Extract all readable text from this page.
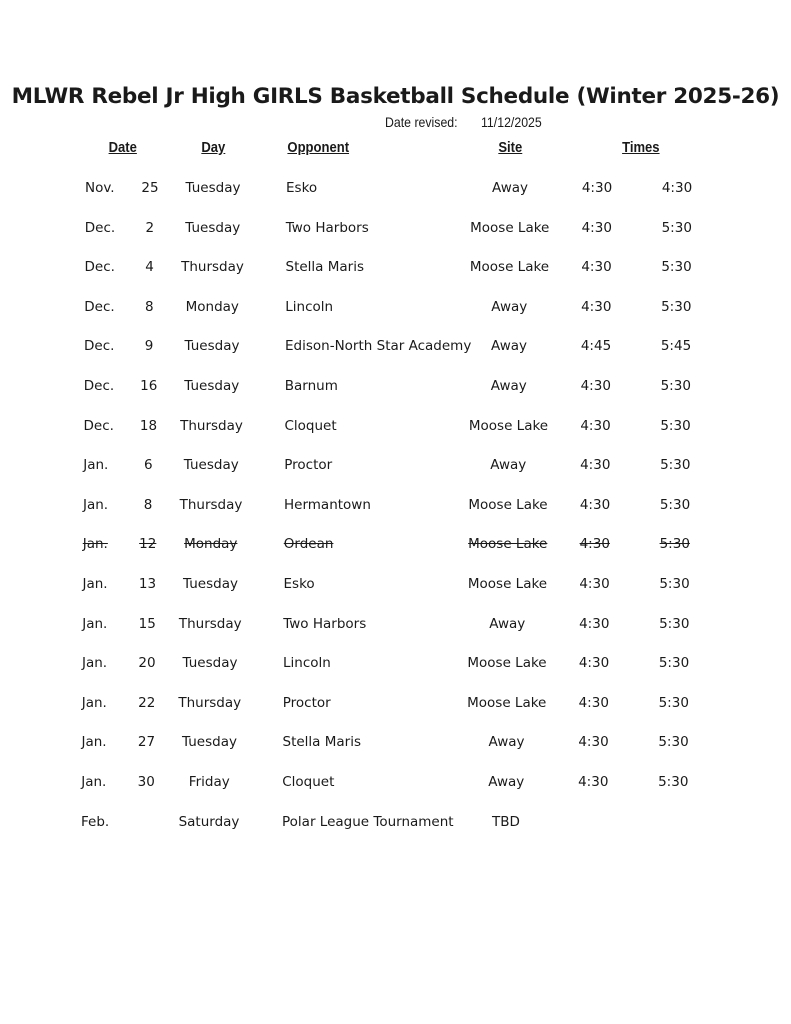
MLWR Rebel Jr High GIRLS Basketball Schedule (Winter 2025-26)
Date revised: 11/12/2025
Date	Day	Opponent	Site	Times
Nov. 25 Tuesday	Esko	Away	4:30	4:30
Dec. 2 Tuesday	Two Harbors	Moose Lake 4:30	5:30
Dec. 4 Thursday	Stella Maris	Moose Lake 4:30	5:30
Dec. 8 Monday	Lincoln	Away	4:30	5:30
Dec. 9 Tuesday	Edison-North Star Academy Away	4:45	5:45
Dec. 16 Tuesday	Barnum	Away	4:30	5:30
Dec. 18 Thursday	Cloquet	Moose Lake 4:30	5:30
Jan.	6 Tuesday	Proctor	Away	4:30	5:30
Jan.	8 Thursday	Hermantown	Moose Lake 4:30	5:30
Jan. 12 Monday	Ordean	Moose Lake 4:30	5:30
Jan. 13 Tuesday	Esko	Moose Lake 4:30	5:30
Jan. 15 Thursday	Two Harbors	Away	4:30	5:30
Jan. 20 Tuesday	Lincoln	Moose Lake 4:30	5:30
Jan. 22 Thursday	Proctor	Moose Lake 4:30	5:30
Jan. 27 Tuesday	Stella Maris	Away	4:30	5:30
Jan. 30	Friday	Cloquet	Away	4:30	5:30
Feb.	Saturday	Polar League Tournament	TBD
